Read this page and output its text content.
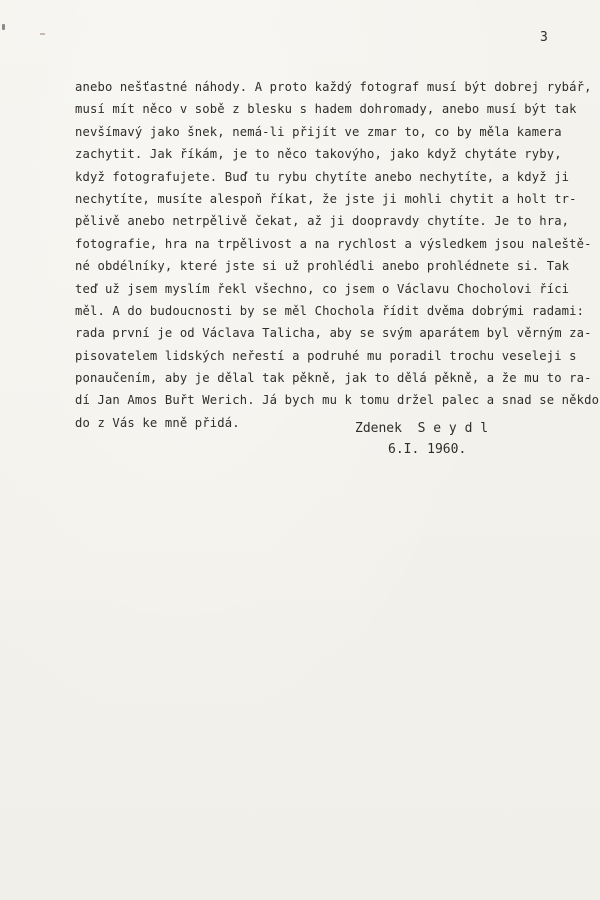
3
anebo nešťastné náhody. A proto každý fotograf musí být dobrej rybář,
musí mít něco v sobě z blesku s hadem dohromady, anebo musí být tak
nevšímavý jako šnek, nemá-li přijít ve zmar to, co by měla kamera
zachytit. Jak říkám, je to něco takovýho, jako když chytáte ryby,
když fotografujete. Buď tu rybu chytíte anebo nechytíte, a když ji
nechytíte, musíte alespoň říkat, že jste ji mohli chytit a holt tr-
pělivě anebo netrpělivě čekat, až ji doopravdy chytíte. Je to hra,
fotografie, hra na trpělivost a na rychlost a výsledkem jsou naleště-
né obdélníky, které jste si už prohlédli anebo prohlédnete si. Tak
teď už jsem myslím řekl všechno, co jsem o Václavu Chocholovi říci
měl. A do budoucnosti by se měl Chochola řídit dvěma dobrými radami:
rada první je od Václava Talicha, aby se svým aparátem byl věrným za-
pisovatelem lidských neřestí a podruhé mu poradil trochu veseleji s
ponaučením, aby je dělal tak pěkně, jak to dělá pěkně, a že mu to ra-
dí Jan Amos Buřt Werich. Já bych mu k tomu držel palec a snad se někdo
do z Vás ke mně přidá.	Zdenek  S e y d l
6.I. 1960.
